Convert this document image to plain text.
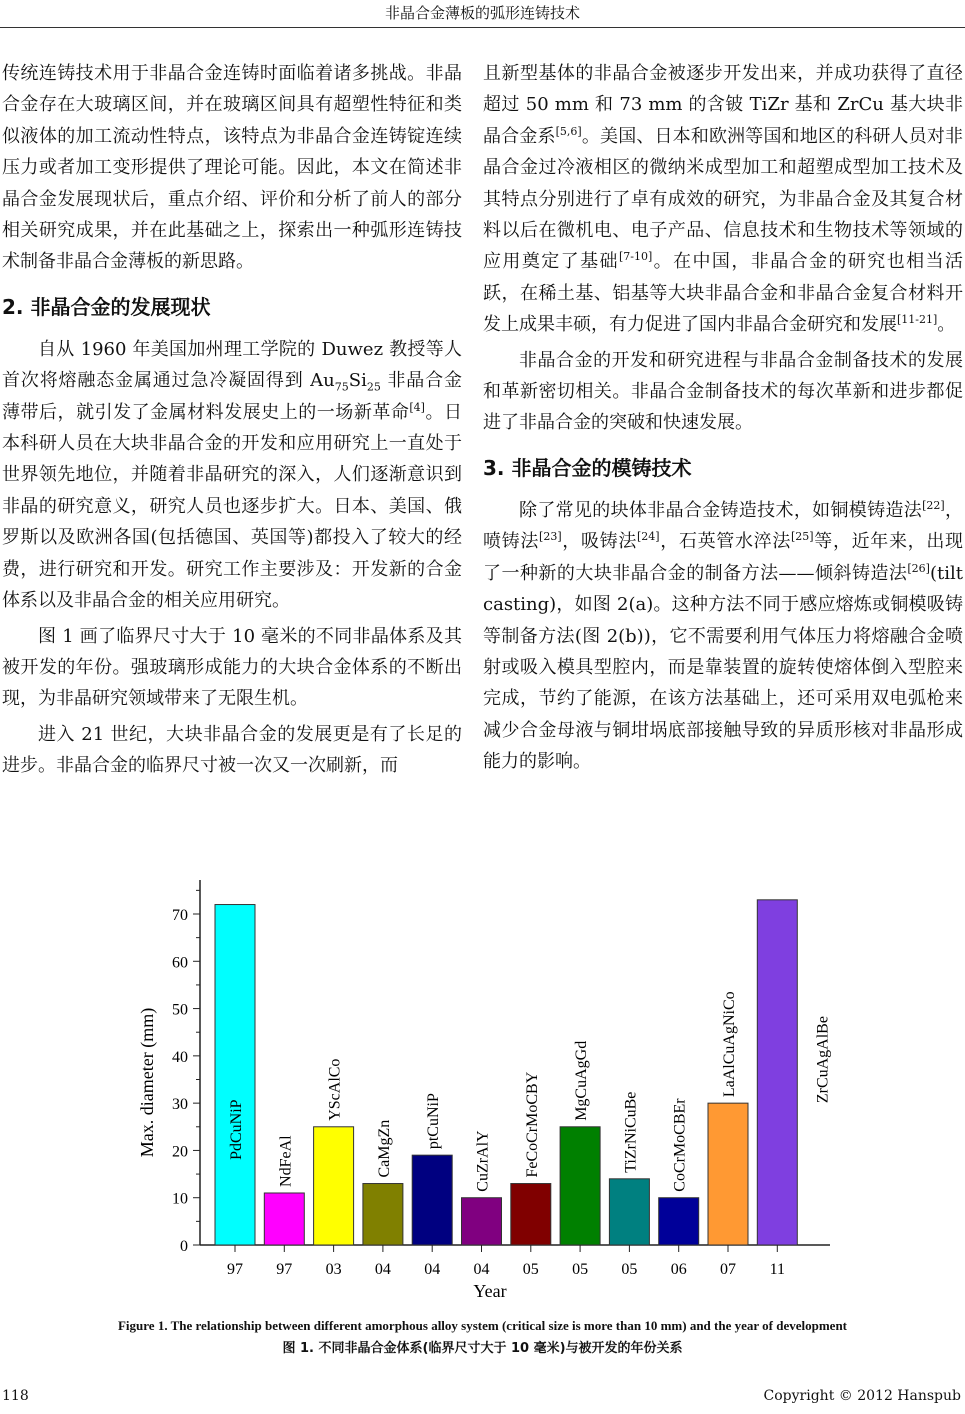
非晶合金薄板的弧形连铸技术

传统连铸技术用于非晶合金连铸时面临着诸多挑战。非晶合金存在大玻璃区间，并在玻璃区间具有超塑性特征和类似液体的加工流动性特点，该特点为非晶合金连铸锭连续压力或者加工变形提供了理论可能。因此，本文在简述非晶合金发展现状后，重点介绍、评价和分析了前人的部分相关研究成果，并在此基础之上，探索出一种弧形连铸技术制备非晶合金薄板的新思路。

2. 非晶合金的发展现状

自从 1960 年美国加州理工学院的 Duwez 教授等人首次将熔融态金属通过急冷凝固得到 $Au_{75}Si_{25}$ 非晶合金薄带后，就引发了金属材料发展史上的一场新革命[4]。日本科研人员在大块非晶合金的开发和应用研究上一直处于世界领先地位，并随着非晶研究的深入，人们逐渐意识到非晶的研究意义，研究人员也逐步扩大。日本、美国、俄罗斯以及欧洲各国(包括德国、英国等)都投入了较大的经费，进行研究和开发。研究工作主要涉及：开发新的合金体系以及非晶合金的相关应用研究。

图 1 画了临界尺寸大于 10 毫米的不同非晶体系及其被开发的年份。强玻璃形成能力的大块合金体系的不断出现，为非晶研究领域带来了无限生机。

进入 21 世纪，大块非晶合金的发展更是有了长足的进步。非晶合金的临界尺寸被一次又一次刷新，而

且新型基体的非晶合金被逐步开发出来，并成功获得了直径超过 50 mm 和 73 mm 的含铍 TiZr 基和 ZrCu 基大块非晶合金系[5,6]。美国、日本和欧洲等国和地区的科研人员对非晶合金过冷液相区的微纳米成型加工和超塑成型加工技术及其特点分别进行了卓有成效的研究，为非晶合金及其复合材料以后在微机电、电子产品、信息技术和生物技术等领域的应用奠定了基础[7-10]。在中国，非晶合金的研究也相当活跃，在稀土基、铝基等大块非晶合金和非晶合金复合材料开发上成果丰硕，有力促进了国内非晶合金研究和发展[11-21]。

非晶合金的开发和研究进程与非晶合金制备技术的发展和革新密切相关。非晶合金制备技术的每次革新和进步都促进了非晶合金的突破和快速发展。

3. 非晶合金的模铸技术

除了常见的块体非晶合金铸造技术，如铜模铸造法[22]，喷铸法[23]，吸铸法[24]，石英管水淬法[25]等，近年来，出现了一种新的大块非晶合金的制备方法——倾斜铸造法[26](tilt casting)，如图 2(a)。这种方法不同于感应熔炼或铜模吸铸等制备方法(图 2(b))，它不需要利用气体压力将熔融合金喷射或吸入模具型腔内，而是靠装置的旋转使熔体倒入型腔来完成，节约了能源，在该方法基础上，还可采用双电弧枪来减少合金母液与铜坩埚底部接触导致的异质形核对非晶形成能力的影响。

0
10
20
30
40
50
60
70
97
PdCuNiP
97
NdFeAl
03
YScAlCo
04
CaMgZn
04
ptCuNiP
04
CuZrAlY
05
FeCoCrMoCBY
05
MgCuAgGd
05
TiZrNiCuBe
06
CoCrMoCBEr
07
LaAlCuAgNiCo
11
ZrCuAgAlBe
Max. diameter (mm)
Year
Figure 1. The relationship between different amorphous alloy system (critical size is more than 10 mm) and the year of development
图 1. 不同非晶合金体系(临界尺寸大于 10 毫米)与被开发的年份关系
118	Copyright © 2012 Hanspub
